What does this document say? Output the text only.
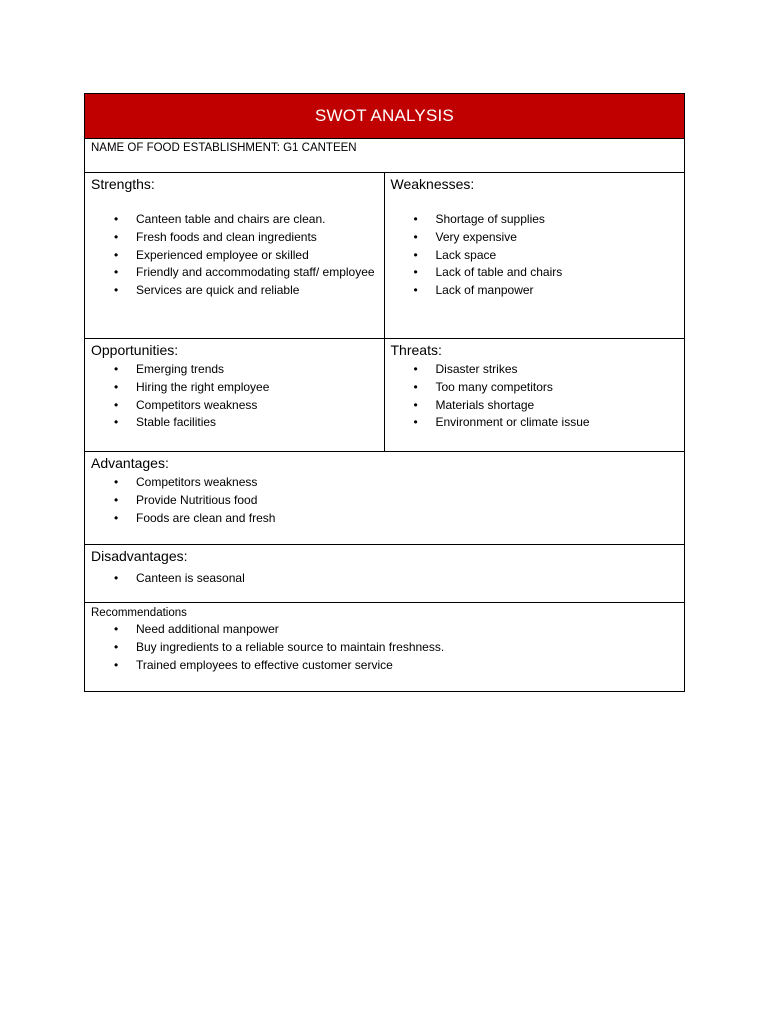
SWOT ANALYSIS
NAME OF FOOD ESTABLISHMENT: G1 CANTEEN

Strengths:

• Canteen table and chairs are clean.
• Fresh foods and clean ingredients
• Experienced employee or skilled
• Friendly and accommodating staff/ employee
• Services are quick and reliable

Weaknesses:

• Shortage of supplies
• Very expensive
• Lack space
• Lack of table and chairs
• Lack of manpower

Opportunities:

• Emerging trends
• Hiring the right employee
• Competitors weakness
• Stable facilities

Threats:

• Disaster strikes
• Too many competitors
• Materials shortage
• Environment or climate issue

Advantages:

• Competitors weakness
• Provide Nutritious food
• Foods are clean and fresh

Disadvantages:

• Canteen is seasonal

Recommendations

• Need additional manpower
• Buy ingredients to a reliable source to maintain freshness.
• Trained employees to effective customer service
